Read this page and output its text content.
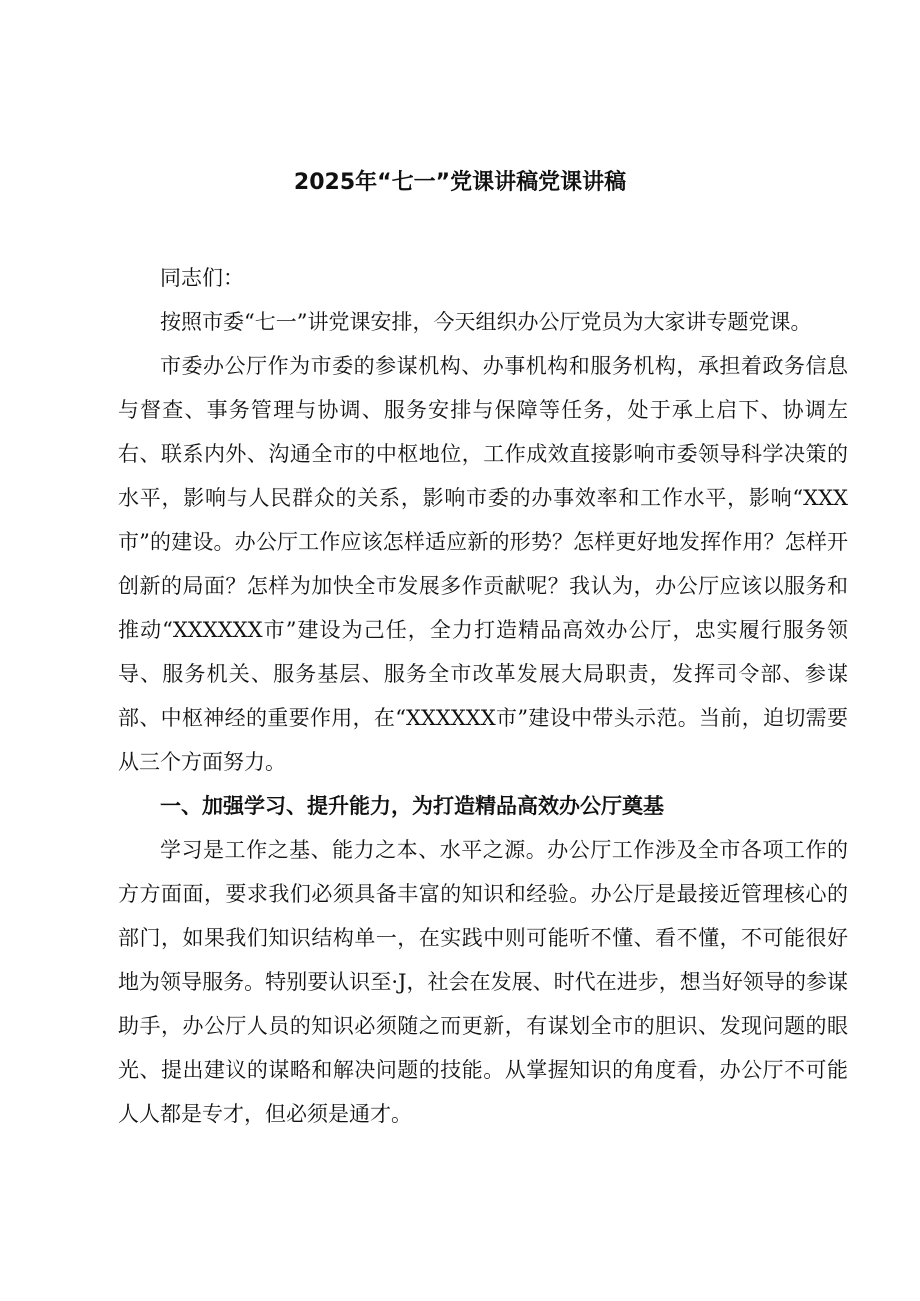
2025年“七一”党课讲稿党课讲稿

同志们：

按照市委“七一”讲党课安排，今天组织办公厅党员为大家讲专题党课。

市委办公厅作为市委的参谋机构、办事机构和服务机构，承担着政务信息与督查、事务管理与协调、服务安排与保障等任务，处于承上启下、协调左右、联系内外、沟通全市的中枢地位，工作成效直接影响市委领导科学决策的水平，影响与人民群众的关系，影响市委的办事效率和工作水平，影响“XXX市”的建设。办公厅工作应该怎样适应新的形势？怎样更好地发挥作用？怎样开创新的局面？怎样为加快全市发展多作贡献呢？我认为，办公厅应该以服务和推动“XXXXXX市”建设为己任，全力打造精品高效办公厅，忠实履行服务领导、服务机关、服务基层、服务全市改革发展大局职责，发挥司令部、参谋部、中枢神经的重要作用，在“XXXXXX市”建设中带头示范。当前，迫切需要从三个方面努力。

一、加强学习、提升能力，为打造精品高效办公厅奠基

学习是工作之基、能力之本、水平之源。办公厅工作涉及全市各项工作的方方面面，要求我们必须具备丰富的知识和经验。办公厅是最接近管理核心的部门，如果我们知识结构单一，在实践中则可能听不懂、看不懂，不可能很好地为领导服务。特别要认识至·J，社会在发展、时代在进步，想当好领导的参谋助手，办公厅人员的知识必须随之而更新，有谋划全市的胆识、发现问题的眼光、提出建议的谋略和解决问题的技能。从掌握知识的角度看，办公厅不可能人人都是专才，但必须是通才。
